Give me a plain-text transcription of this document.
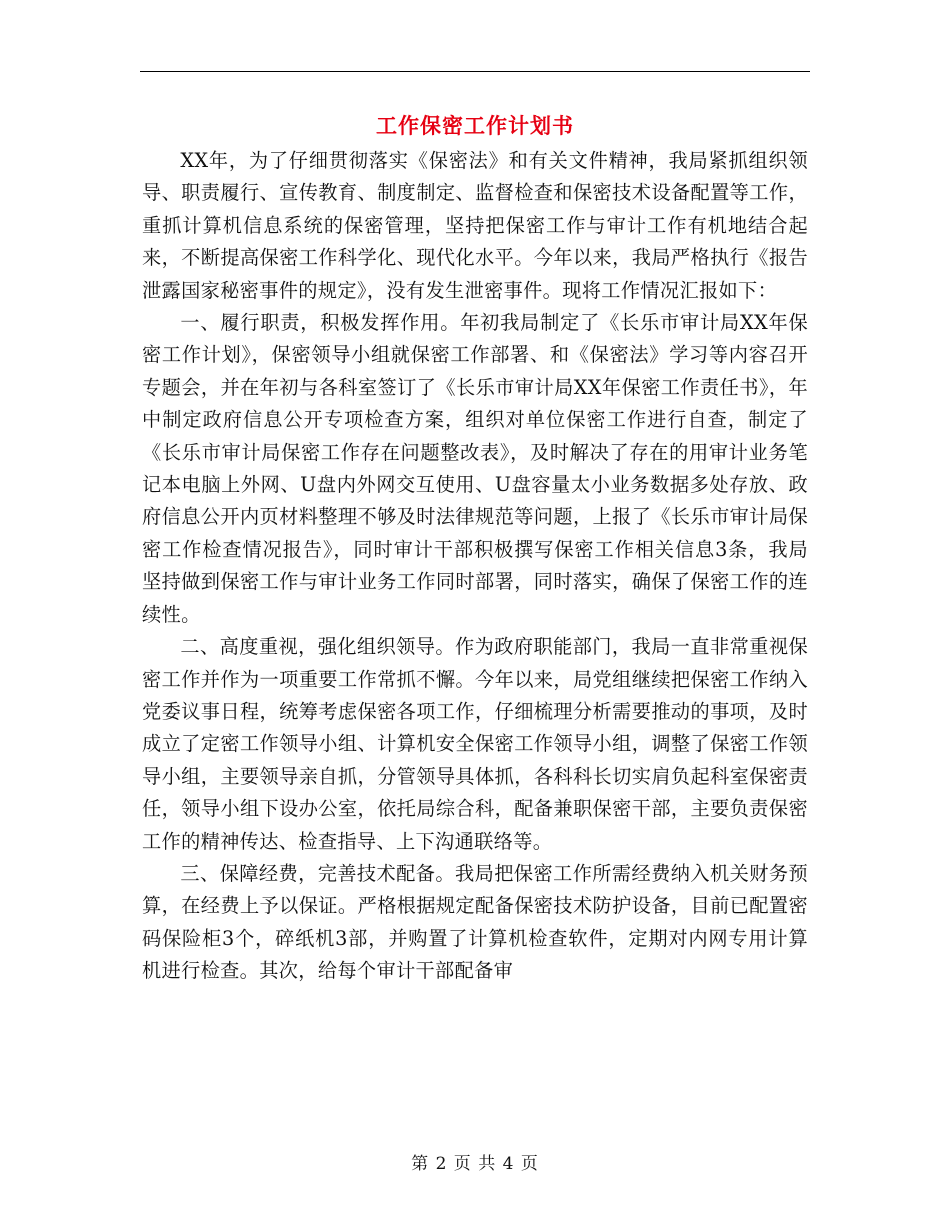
工作保密工作计划书

XX年，为了仔细贯彻落实《保密法》和有关文件精神，我局紧抓组织领导、职责履行、宣传教育、制度制定、监督检查和保密技术设备配置等工作，重抓计算机信息系统的保密管理，坚持把保密工作与审计工作有机地结合起来，不断提高保密工作科学化、现代化水平。今年以来，我局严格执行《报告泄露国家秘密事件的规定》，没有发生泄密事件。现将工作情况汇报如下：

一、履行职责，积极发挥作用。年初我局制定了《长乐市审计局XX年保密工作计划》，保密领导小组就保密工作部署、和《保密法》学习等内容召开专题会，并在年初与各科室签订了《长乐市审计局XX年保密工作责任书》，年中制定政府信息公开专项检查方案，组织对单位保密工作进行自查，制定了《长乐市审计局保密工作存在问题整改表》，及时解决了存在的用审计业务笔记本电脑上外网、U盘内外网交互使用、U盘容量太小业务数据多处存放、政府信息公开内页材料整理不够及时法律规范等问题，上报了《长乐市审计局保密工作检查情况报告》，同时审计干部积极撰写保密工作相关信息3条，我局坚持做到保密工作与审计业务工作同时部署，同时落实，确保了保密工作的连续性。

二、高度重视，强化组织领导。作为政府职能部门，我局一直非常重视保密工作并作为一项重要工作常抓不懈。今年以来，局党组继续把保密工作纳入党委议事日程，统筹考虑保密各项工作，仔细梳理分析需要推动的事项，及时成立了定密工作领导小组、计算机安全保密工作领导小组，调整了保密工作领导小组，主要领导亲自抓，分管领导具体抓，各科科长切实肩负起科室保密责任，领导小组下设办公室，依托局综合科，配备兼职保密干部，主要负责保密工作的精神传达、检查指导、上下沟通联络等。

三、保障经费，完善技术配备。我局把保密工作所需经费纳入机关财务预算，在经费上予以保证。严格根据规定配备保密技术防护设备，目前已配置密码保险柜3个，碎纸机3部，并购置了计算机检查软件，定期对内网专用计算机进行检查。其次，给每个审计干部配备审

第 2 页 共 4 页
